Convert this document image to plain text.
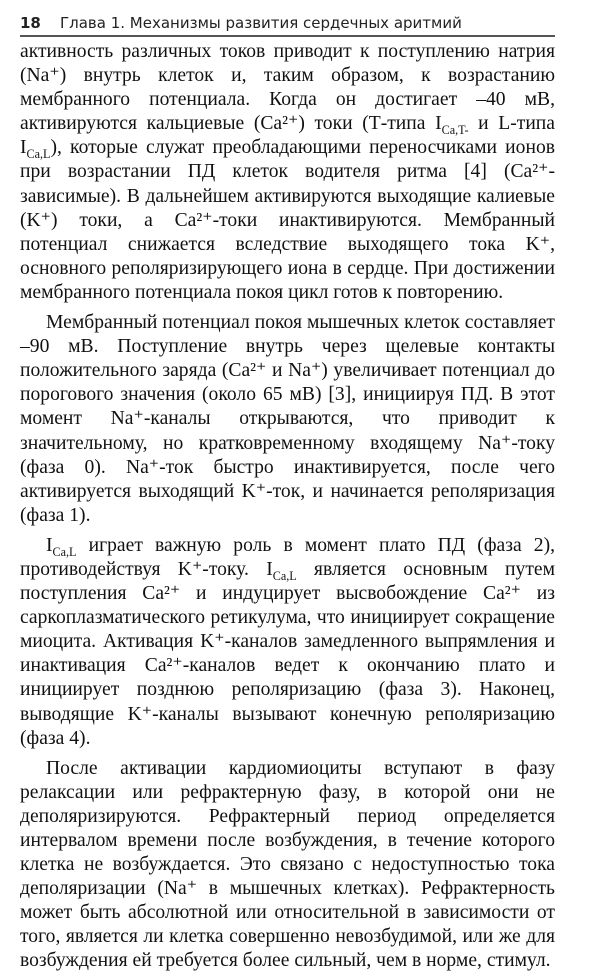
18 Глава 1. Механизмы развития сердечных аритмий

активность различных токов приводит к поступлению натрия (Na⁺) внутрь клеток и, таким образом, к возрастанию мембранного потенциала. Когда он достигает –40 мВ, активируются кальциевые (Ca²⁺) токи (Т-типа $I_{Ca,T-}$ и L-типа $I_{Ca,L}$), которые служат преобладающими переносчиками ионов при возрастании ПД клеток водителя ритма [4] (Ca²⁺-зависимые). В дальнейшем активируются выходящие калиевые (K⁺) токи, а Ca²⁺-токи инактивируются. Мембранный потенциал снижается вследствие выходящего тока K⁺, основного реполяризирующего иона в сердце. При достижении мембранного потенциала покоя цикл готов к повторению.

Мембранный потенциал покоя мышечных клеток составляет –90 мВ. Поступление внутрь через щелевые контакты положительного заряда (Ca²⁺ и Na⁺) увеличивает потенциал до порогового значения (около 65 мВ) [3], инициируя ПД. В этот момент Na⁺-каналы открываются, что приводит к значительному, но кратковременному входящему Na⁺-току (фаза 0). Na⁺-ток быстро инактивируется, после чего активируется выходящий K⁺-ток, и начинается реполяризация (фаза 1).

$I_{Ca,L}$ играет важную роль в момент плато ПД (фаза 2), противодействуя K⁺-току. $I_{Ca,L}$ является основным путем поступления Ca²⁺ и индуцирует высвобождение Ca²⁺ из саркоплазматического ретикулума, что инициирует сокращение миоцита. Активация K⁺-каналов замедленного выпрямления и инактивация Ca²⁺-каналов ведет к окончанию плато и инициирует позднюю реполяризацию (фаза 3). Наконец, выводящие K⁺-каналы вызывают конечную реполяризацию (фаза 4).

После активации кардиомиоциты вступают в фазу релаксации или рефрактерную фазу, в которой они не деполяризируются. Рефрактерный период определяется интервалом времени после возбуждения, в течение которого клетка не возбуждается. Это связано с недоступностью тока деполяризации (Na⁺ в мышечных клетках). Рефрактерность может быть абсолютной или относительной в зависимости от того, является ли клетка совершенно невозбудимой, или же для возбуждения ей требуется более сильный, чем в норме, стимул.
